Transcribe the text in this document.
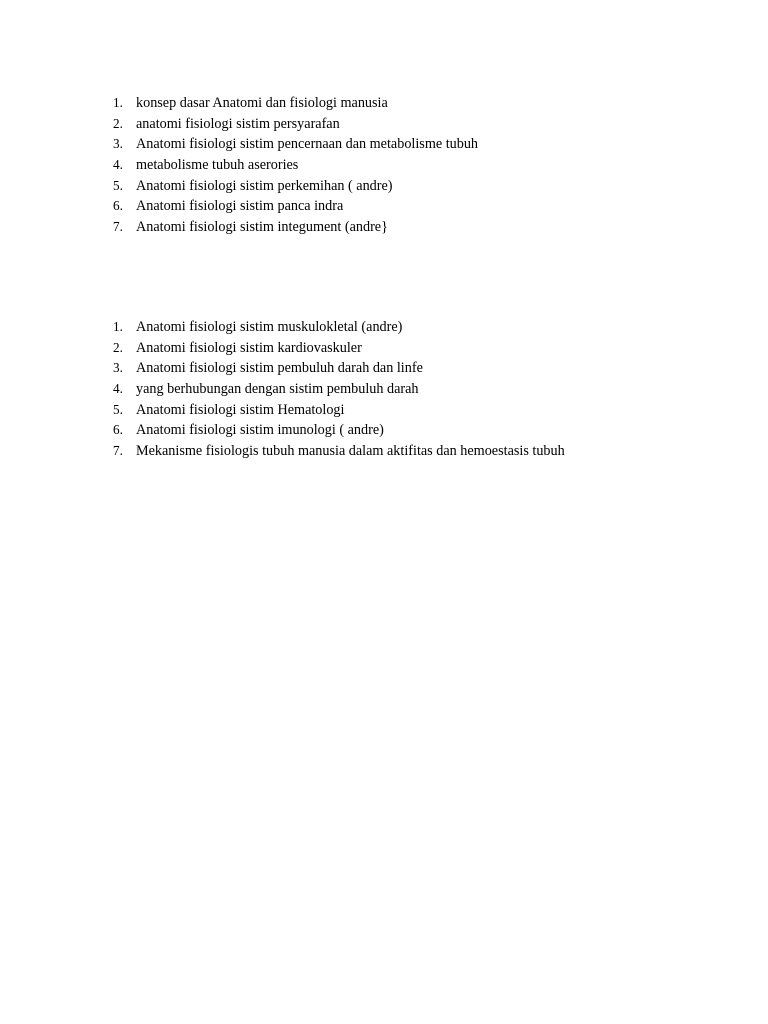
1. konsep dasar Anatomi dan fisiologi manusia
2. anatomi fisiologi sistim persyarafan
3. Anatomi fisiologi sistim pencernaan dan metabolisme tubuh
4. metabolisme tubuh aserories
5. Anatomi fisiologi sistim perkemihan ( andre)
6. Anatomi fisiologi sistim panca indra
7. Anatomi fisiologi sistim integument (andre}
1. Anatomi fisiologi sistim muskulokletal (andre)
2. Anatomi fisiologi sistim kardiovaskuler
3. Anatomi fisiologi sistim pembuluh darah dan linfe
4. yang berhubungan dengan sistim pembuluh darah
5. Anatomi fisiologi sistim Hematologi
6. Anatomi fisiologi sistim imunologi ( andre)
7. Mekanisme fisiologis tubuh manusia dalam aktifitas dan hemoestasis tubuh
